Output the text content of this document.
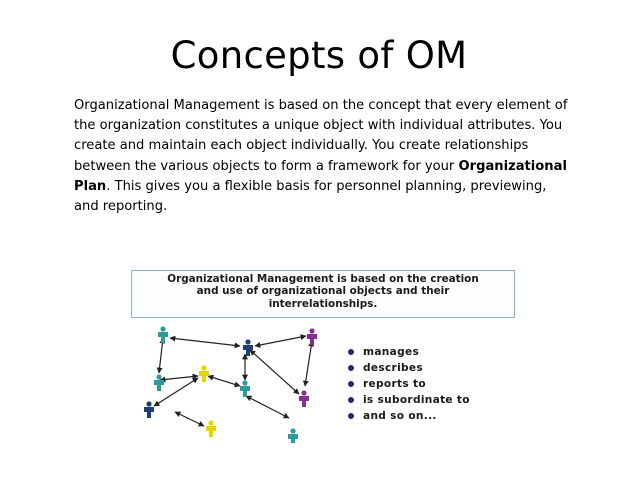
Concepts of OM
Organizational Management is based on the concept that every element of the organization constitutes a unique object with individual attributes. You create and maintain each object individually. You create relationships between the various objects to form a framework for your Organizational Plan. This gives you a flexible basis for personnel planning, previewing, and reporting.
Organizational Management is based on the creation
and use of organizational objects and their
interrelationships.
manages
describes
reports to
is subordinate to
and so on...
